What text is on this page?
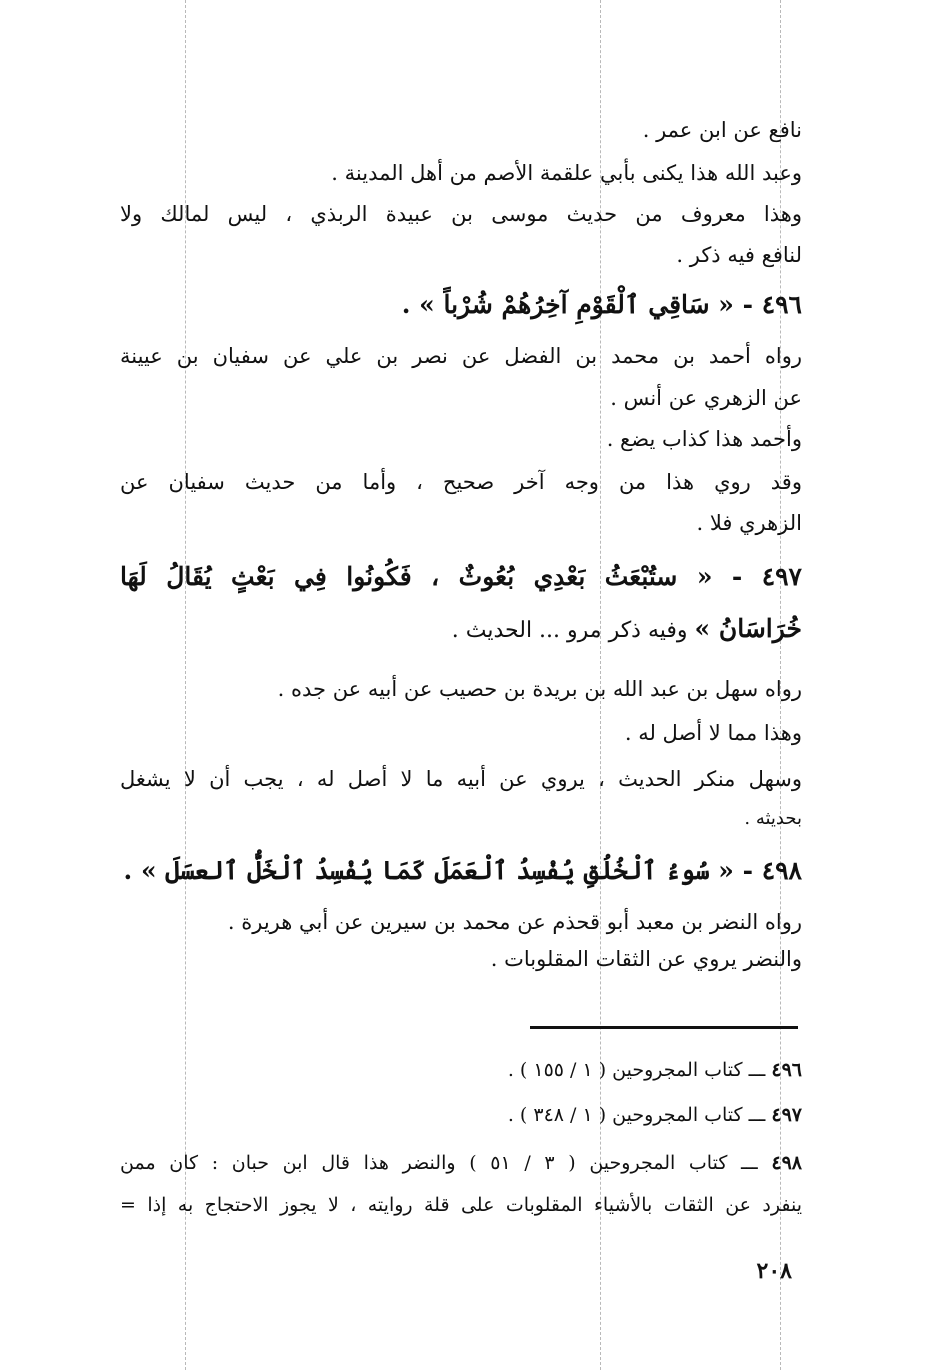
نافع عن ابن عمر .
وعبد الله هذا يكنى بأبي علقمة الأصم من أهل المدينة .
وهذا معروف من حديث موسى بن عبيدة الربذي ، ليس لمالك ولا
لنافع فيه ذكر .
٤٩٦ - « سَاقِي ٱلْقَوْمِ آخِرُهُمْ شُرْباً » .
رواه أحمد بن محمد بن الفضل عن نصر بن علي عن سفيان بن عيينة
عن الزهري عن أنس .
وأحمد هذا كذاب يضع .
وقد روي هذا من وجه آخر صحيح ، وأما من حديث سفيان عن
الزهري فلا .
٤٩٧ - « ستُبْعَثُ بَعْدِي بُعُوثٌ ، فَكُونُوا فِي بَعْثٍ يُقَالُ لَهَا
خُرَاسَانُ » وفيه ذكر مرو ... الحديث .
رواه سهل بن عبد الله بن بريدة بن حصيب عن أبيه عن جده .
وهذا مما لا أصل له .
وسهل منكر الحديث ، يروي عن أبيه ما لا أصل له ، يجب أن لا يشغل
بحديثه .
٤٩٨ - « سُوءُ ٱلْخُلُقِ يُفْسِدُ ٱلْعَمَلَ كَمَا يُفْسِدُ ٱلْخَلُّ ٱلعسَلَ » .
رواه النضر بن معبد أبو قحذم عن محمد بن سيرين عن أبي هريرة .
والنضر يروي عن الثقات المقلوبات .
٤٩٦ ـــ كتاب المجروحين ( ١ / ١٥٥ ) .
٤٩٧ ـــ كتاب المجروحين ( ١ / ٣٤٨ ) .
٤٩٨ ـــ كتاب المجروحين ( ٣ / ٥١ ) والنضر هذا قال ابن حبان : كان ممن
ينفرد عن الثقات بالأشياء المقلوبات على قلة روايته ، لا يجوز الاحتجاج به إذا =
٢٠٨
